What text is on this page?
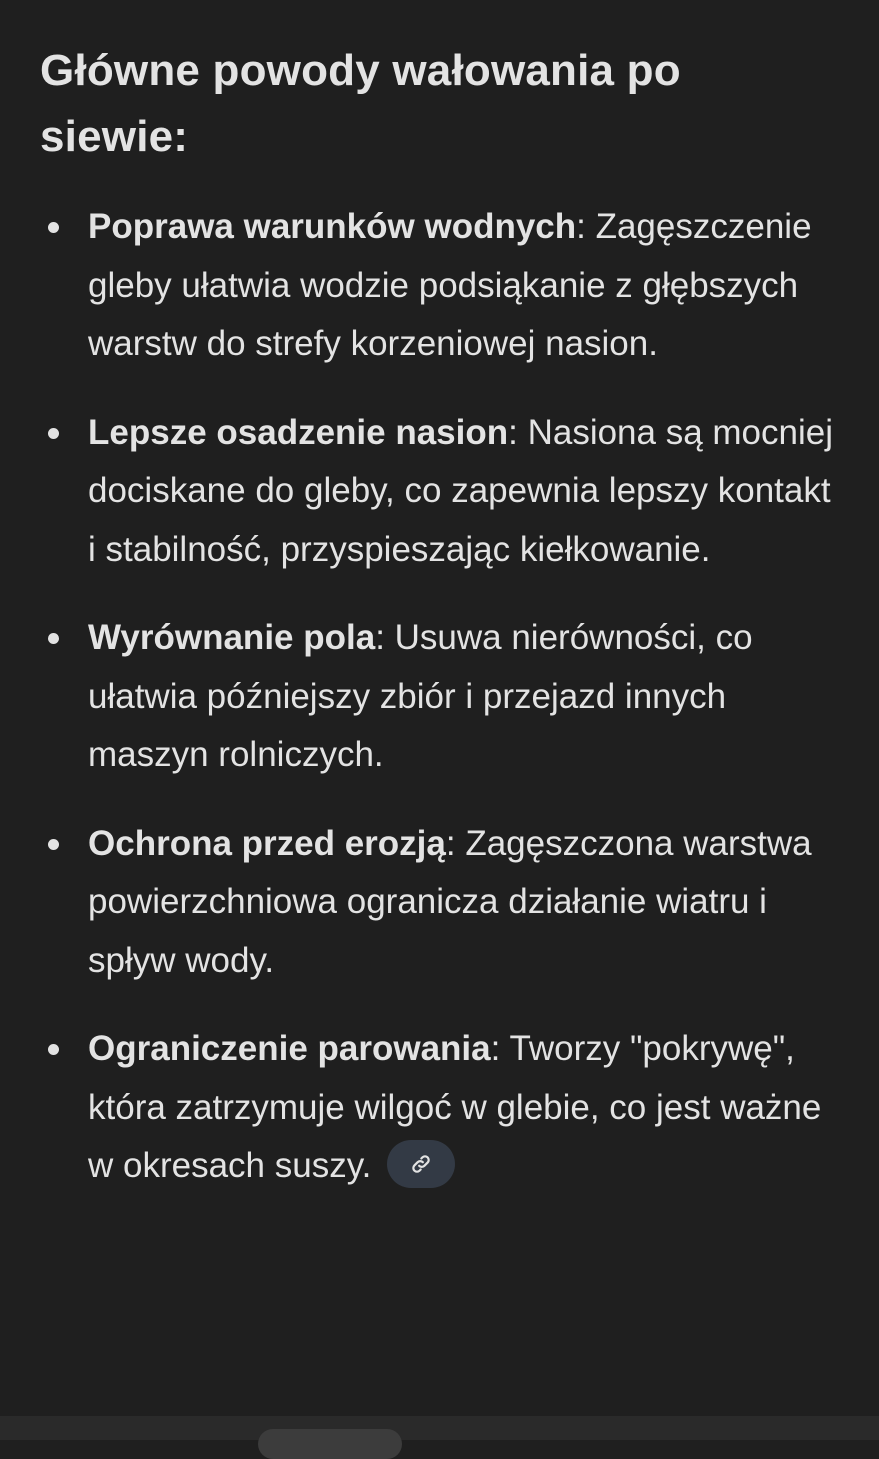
Główne powody wałowania po siewie:
Poprawa warunków wodnych: Zagęszczenie gleby ułatwia wodzie podsiąkanie z głębszych warstw do strefy korzeniowej nasion.
Lepsze osadzenie nasion: Nasiona są mocniej dociskane do gleby, co zapewnia lepszy kontakt i stabilność, przyspieszając kiełkowanie.
Wyrównanie pola: Usuwa nierówności, co ułatwia późniejszy zbiór i przejazd innych maszyn rolniczych.
Ochrona przed erozją: Zagęszczona warstwa powierzchniowa ogranicza działanie wiatru i spływ wody.
Ograniczenie parowania: Tworzy "pokrywę", która zatrzymuje wilgoć w glebie, co jest ważne w okresach suszy.
